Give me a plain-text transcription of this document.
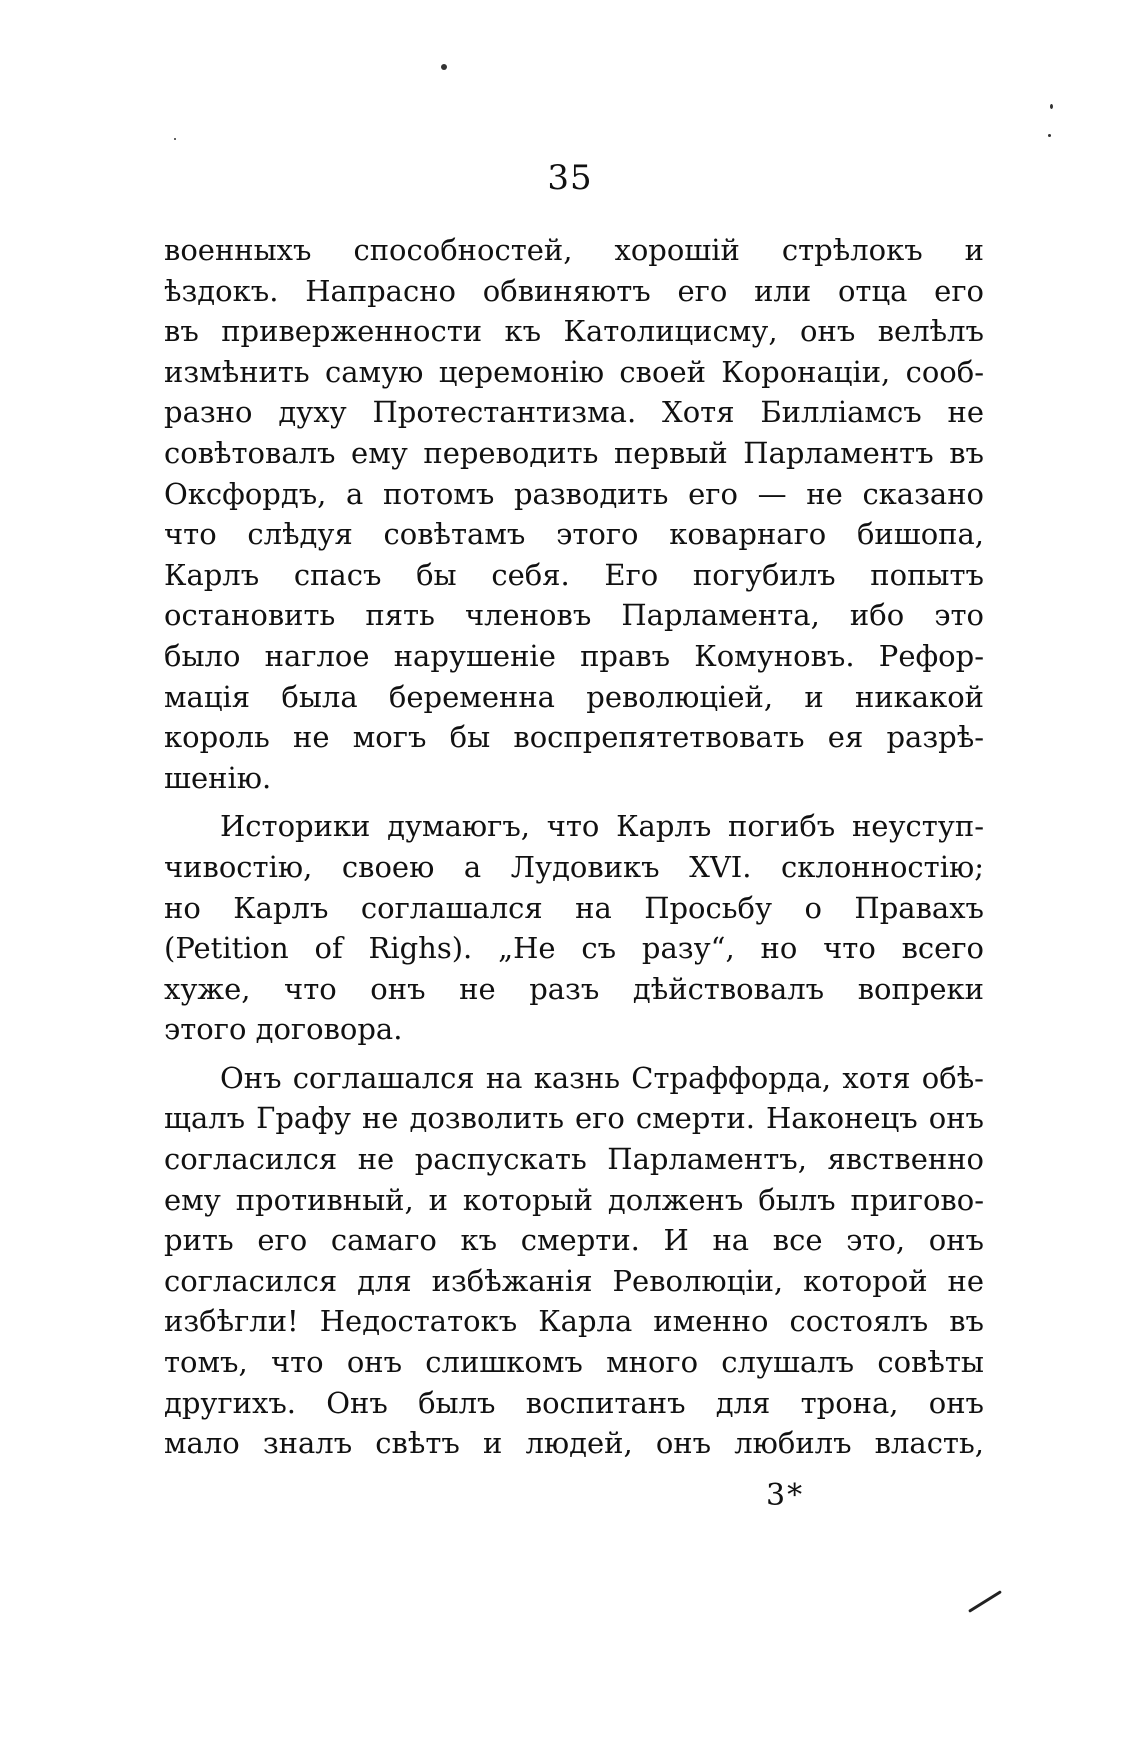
35
военныхъ способностей, хорошій стрѣлокъ и
ѣздокъ. Напрасно обвиняютъ его или отца его
въ приверженности къ Католицисму, онъ велѣлъ
измѣнить самую церемонію своей Коронаціи, сооб-
разно духу Протестантизма. Хотя Билліамсъ не
совѣтовалъ ему переводить первый Парламентъ въ
Оксфордъ, а потомъ разводить его — не сказано
что слѣдуя совѣтамъ этого коварнаго бишопа,
Карлъ спасъ бы себя. Его погубилъ попытъ
остановить пять членовъ Парламента, ибо это
было наглое нарушеніе правъ Комуновъ. Рефор-
мація была беременна революціей, и никакой
король не могъ бы воспрепятетвовать ея разрѣ-
шенію.
Историки думаюгъ, что Карлъ погибъ неуступ-
чивостію, своею а Лудовикъ XVI. склонностію;
но Карлъ соглашался на Просьбу о Правахъ
(Petition of Righs). „Не съ разу“, но что всего
хуже, что онъ не разъ дѣйствовалъ вопреки
этого договора.
Онъ соглашался на казнь Страффорда, хотя обѣ-
щалъ Графу не дозволить его смерти. Наконецъ онъ
согласился не распускать Парламентъ, явственно
ему противный, и который долженъ былъ пригово-
рить его самаго къ смерти. И на все это, онъ
согласился для избѣжанія Революціи, которой не
избѣгли! Недостатокъ Карла именно состоялъ въ
томъ, что онъ слишкомъ много слушалъ совѣты
другихъ. Онъ былъ воспитанъ для трона, онъ
мало зналъ свѣтъ и людей, онъ любилъ власть,
3*
